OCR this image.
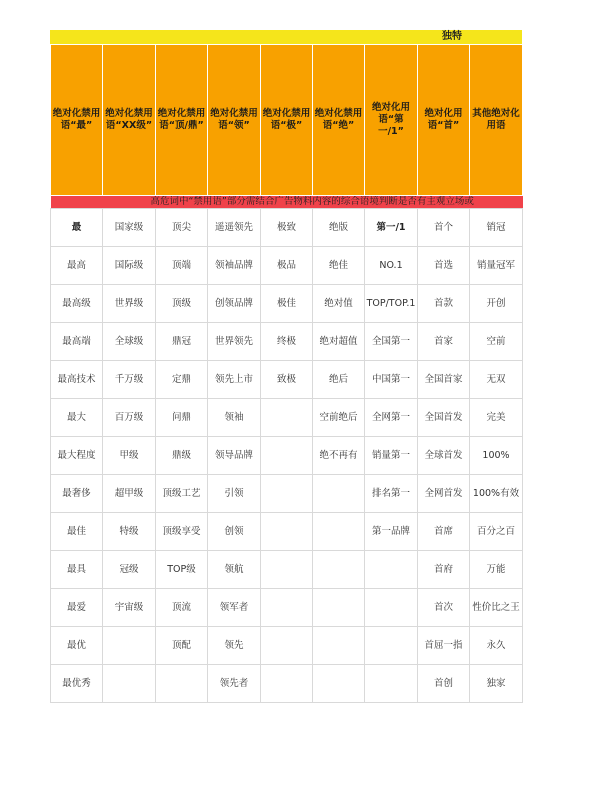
独特
绝对化禁用语“最”	绝对化禁用语“XX级”	绝对化禁用语“顶/鼎”	绝对化禁用语“领”	绝对化禁用语“极”	绝对化禁用语“绝”	绝对化用语“第一/1”	绝对化用语“首”	其他绝对化用语
高危词中“禁用语”部分需结合广告物料内容的综合语境判断是否有主观立场或								
最	国家级	顶尖	遥遥领先	极致	绝版	第一/1	首个	销冠
最高	国际级	顶端	领袖品牌	极品	绝佳	NO.1	首选	销量冠军
最高级	世界级	顶级	创领品牌	极佳	绝对值	TOP/TOP.1	首款	开创
最高端	全球级	鼎冠	世界领先	终极	绝对超值	全国第一	首家	空前
最高技术	千万级	定鼎	领先上市	致极	绝后	中国第一	全国首家	无双
最大	百万级	问鼎	领袖		空前绝后	全网第一	全国首发	完美
最大程度	甲级	鼎级	领导品牌		绝不再有	销量第一	全球首发	100%
最奢侈	超甲级	顶级工艺	引领			排名第一	全网首发	100%有效
最佳	特级	顶级享受	创领			第一品牌	首席	百分之百
最具	冠级	TOP级	领航				首府	万能
最爱	宇宙级	顶流	领军者				首次	性价比之王
最优		顶配	领先				首屈一指	永久
最优秀			领先者				首创	独家
